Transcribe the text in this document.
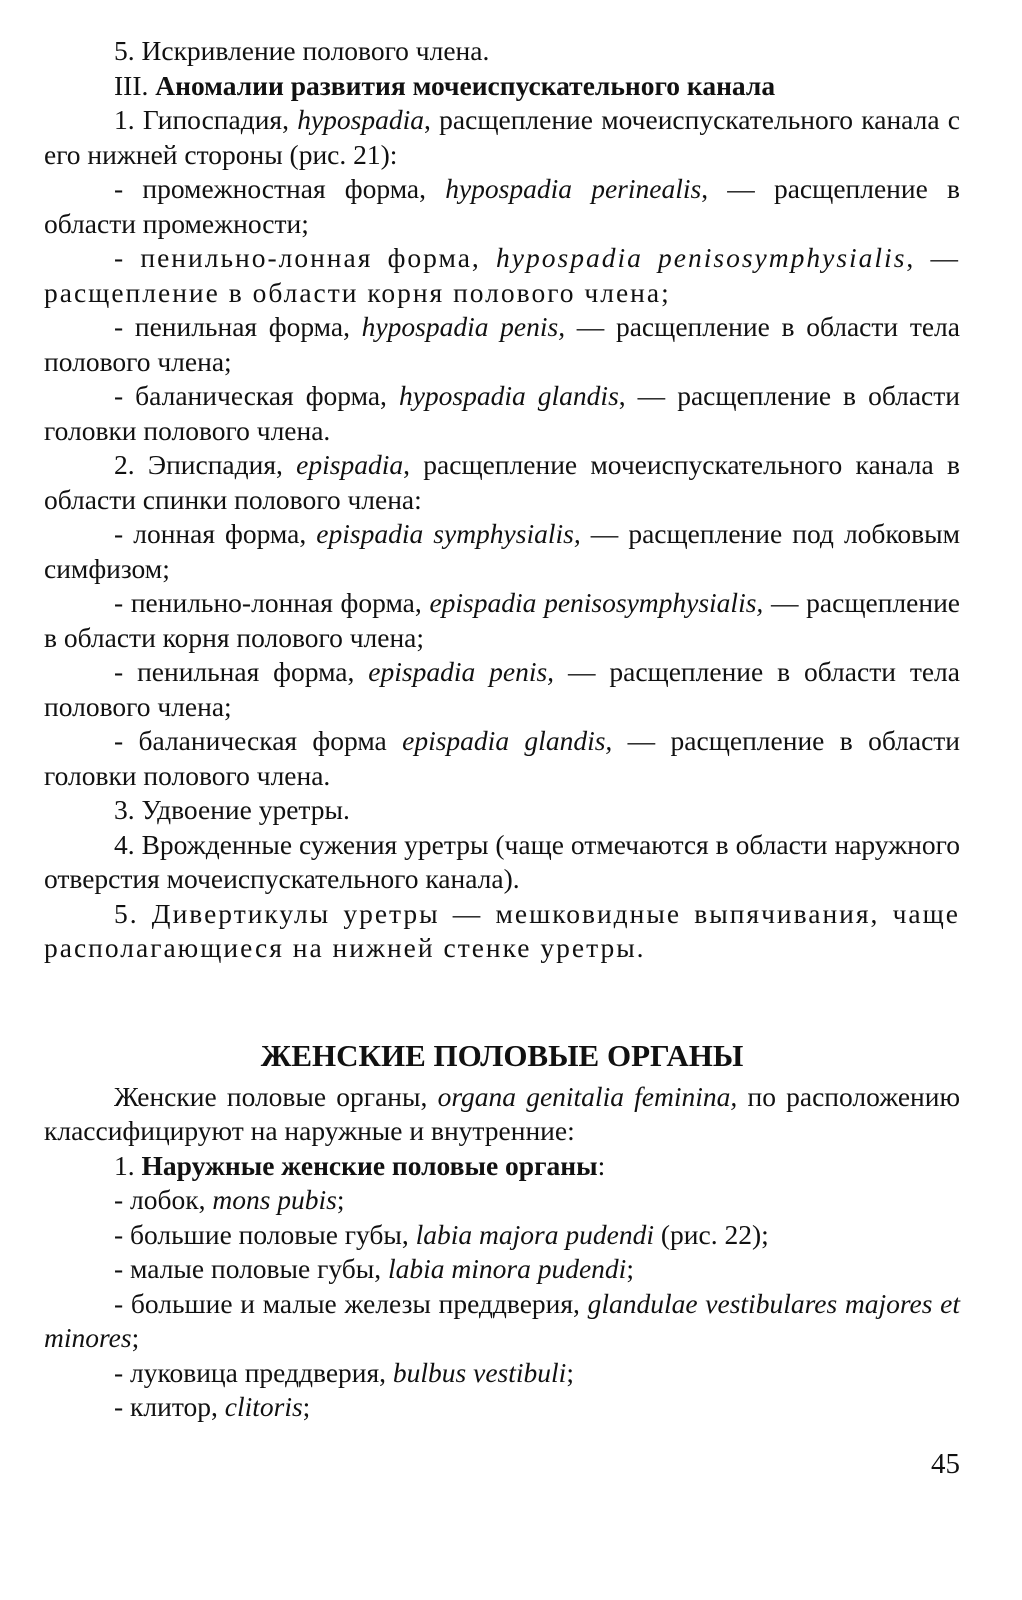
5. Искривление полового члена.

III. Аномалии развития мочеиспускательного канала

1. Гипоспадия, hypospadia, расщепление мочеиспускательного канала с его нижней стороны (рис. 21):

- промежностная форма, hypospadia perinealis, — расщепление в области промежности;

- пенильно-лонная форма, hypospadia penisosymphysialis, — расщепление в области корня полового члена;

- пенильная форма, hypospadia penis, — расщепление в области тела полового члена;

- баланическая форма, hypospadia glandis, — расщепление в области головки полового члена.

2. Эписпадия, epispadia, расщепление мочеиспускательного канала в области спинки полового члена:

- лонная форма, epispadia symphysialis, — расщепление под лобковым симфизом;

- пенильно-лонная форма, epispadia penisosymphysialis, — расщепление в области корня полового члена;

- пенильная форма, epispadia penis, — расщепление в области тела полового члена;

- баланическая форма epispadia glandis, — расщепление в области головки полового члена.

3. Удвоение уретры.

4. Врожденные сужения уретры (чаще отмечаются в области наружного отверстия мочеиспускательного канала).

5. Дивертикулы уретры — мешковидные выпячивания, чаще располагающиеся на нижней стенке уретры.

ЖЕНСКИЕ ПОЛОВЫЕ ОРГАНЫ

Женские половые органы, organa genitalia feminina, по расположению классифицируют на наружные и внутренние:

1. Наружные женские половые органы:

- лобок, mons pubis;

- большие половые губы, labia majora pudendi (рис. 22);

- малые половые губы, labia minora pudendi;

- большие и малые железы преддверия, glandulae vestibulares majores et minores;

- луковица преддверия, bulbus vestibuli;

- клитор, clitoris;

45
